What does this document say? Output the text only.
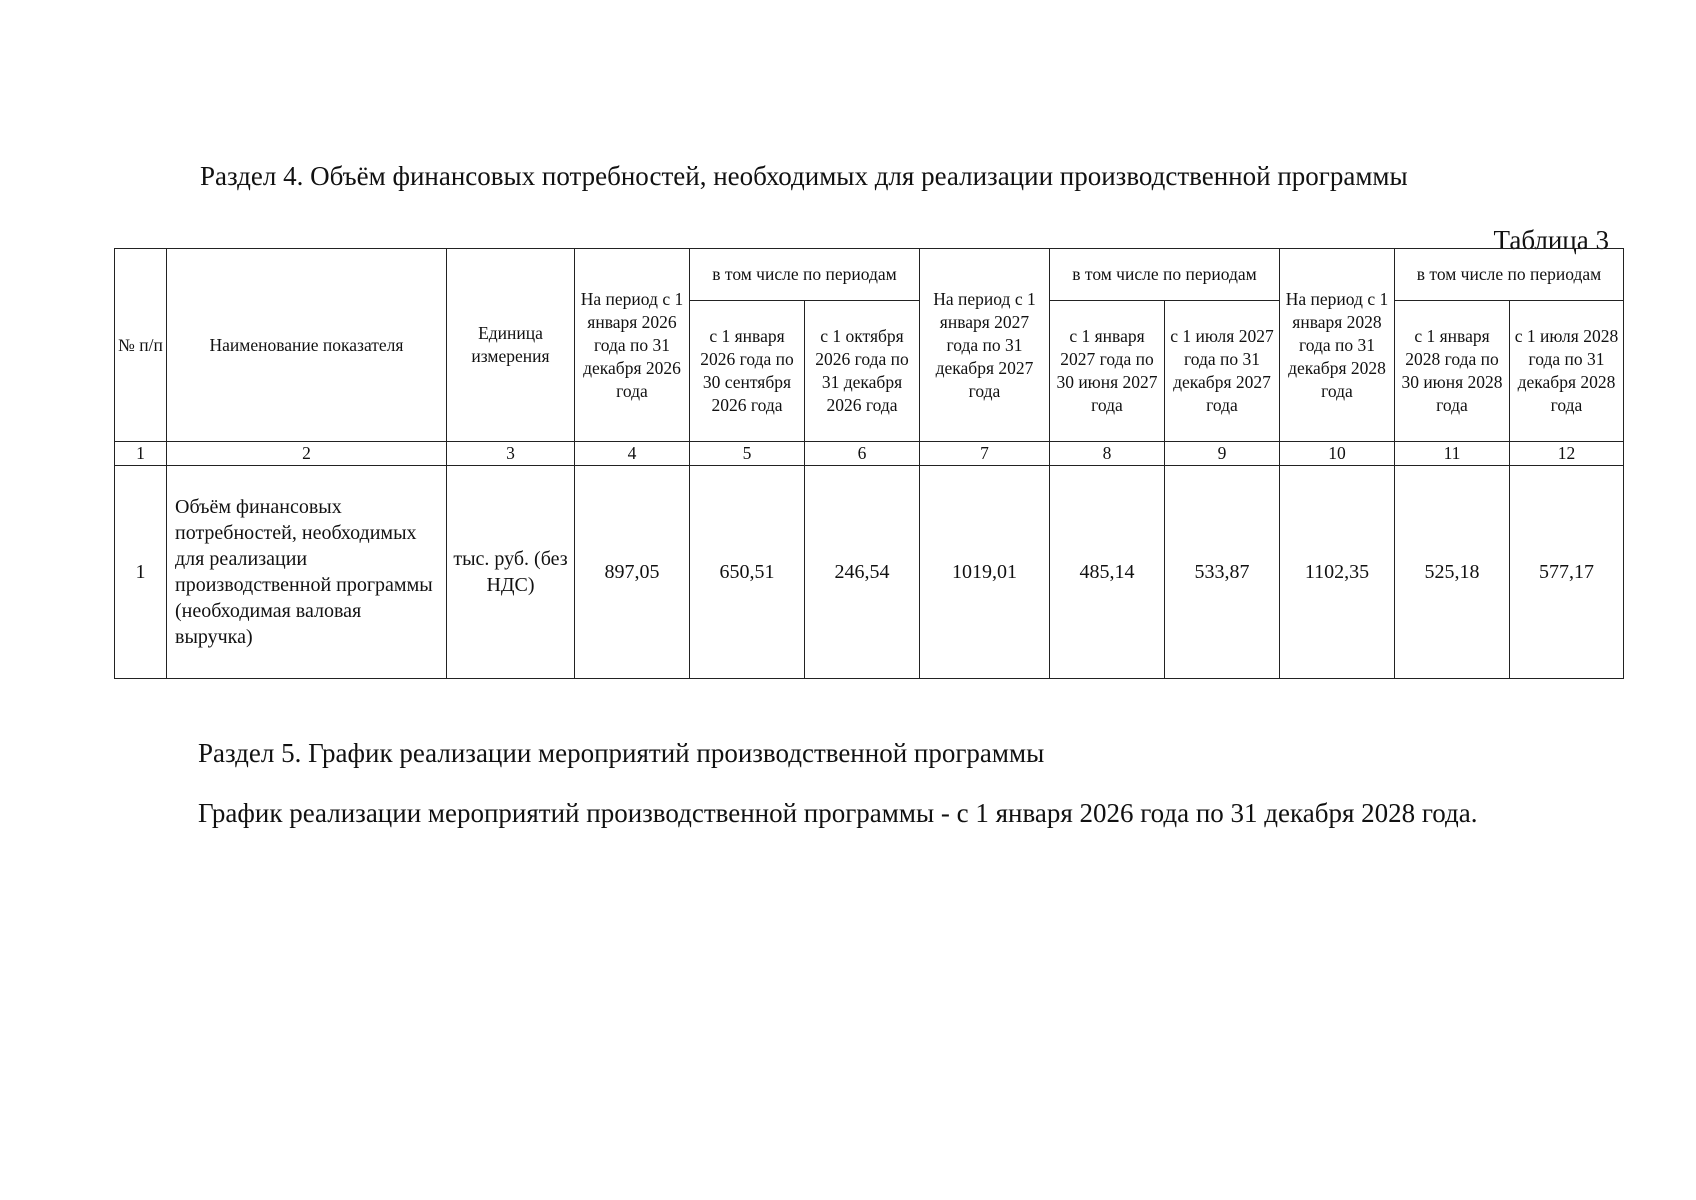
Раздел 4. Объём финансовых потребностей, необходимых для реализации производственной программы
Таблица 3
№ п/п	Наименование показателя	Единица измерения	На период с 1 января 2026 года по 31 декабря 2026 года	в том числе по периодам		На период с 1 января 2027 года по 31 декабря 2027 года	в том числе по периодам		На период с 1 января 2028 года по 31 декабря 2028 года	в том числе по периодам	
				с 1 января 2026 года по 30 сентября 2026 года	с 1 октября 2026 года по 31 декабря 2026 года		с 1 января 2027 года по 30 июня 2027 года	с 1 июля 2027 года по 31 декабря 2027 года		с 1 января 2028 года по 30 июня 2028 года	с 1 июля 2028 года по 31 декабря 2028 года
1	2	3	4	5	6	7	8	9	10	11	12
1	Объём финансовых потребностей, необходимых для реализации производственной программы (необходимая валовая выручка)	тыс. руб. (без НДС)	897,05	650,51	246,54	1019,01	485,14	533,87	1102,35	525,18	577,17
Раздел 5. График реализации мероприятий производственной программы
График реализации мероприятий производственной программы - с 1 января 2026 года по 31 декабря 2028 года.
